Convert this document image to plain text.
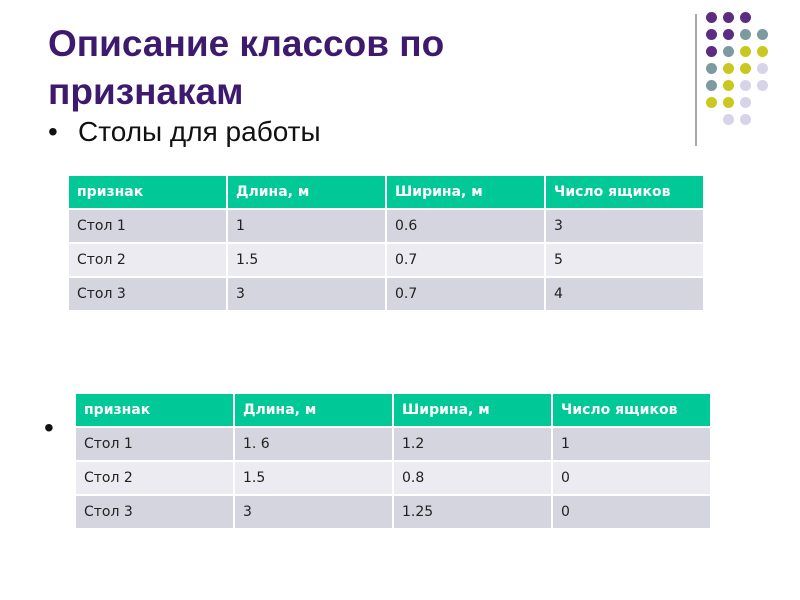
Описание классов по признакам
• Столы для работы
•
признак	Длина, м	Ширина, м	Число ящиков
Стол 1	1	0.6	3
Стол 2	1.5	0.7	5
Стол 3	3	0.7	4
признак	Длина, м	Ширина, м	Число ящиков
Стол 1	1. 6	1.2	1
Стол 2	1.5	0.8	0
Стол 3	3	1.25	0
